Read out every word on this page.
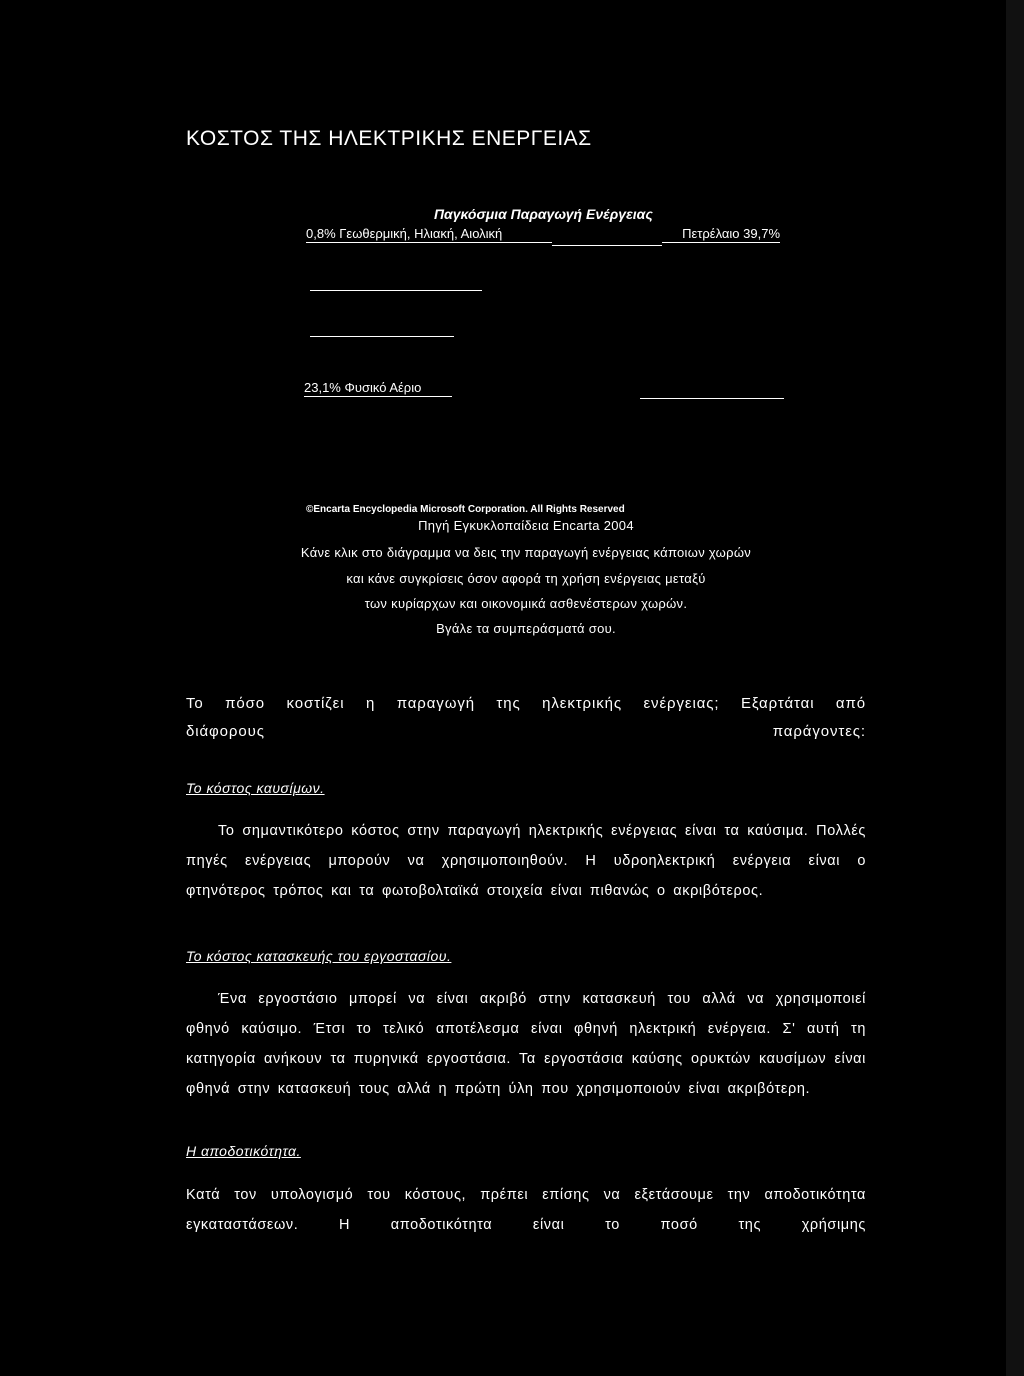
ΚΟΣΤΟΣ ΤΗΣ ΗΛΕΚΤΡΙΚΗΣ ΕΝΕΡΓΕΙΑΣ
Παγκόσμια Παραγωγή Ενέργειας
0,8% Γεωθερμική, Ηλιακή, Αιολική	Πετρέλαιο 39,7%
23,1% Φυσικό Αέριο
©Encarta Encyclopedia Microsoft Corporation. All Rights Reserved
Πηγή Εγκυκλοπαίδεια Encarta 2004
Κάνε κλικ στο διάγραμμα να δεις την παραγωγή ενέργειας κάποιων χωρών
και κάνε συγκρίσεις όσον αφορά τη χρήση ενέργειας μεταξύ
των κυρίαρχων και οικονομικά ασθενέστερων χωρών.
Βγάλε τα συμπεράσματά σου.
Το πόσο κοστίζει η παραγωγή της ηλεκτρικής ενέργειας; Εξαρτάται από διάφορους παράγοντες:
Το κόστος καυσίμων.
Το σημαντικότερο κόστος στην παραγωγή ηλεκτρικής ενέργειας είναι τα καύσιμα. Πολλές πηγές ενέργειας μπορούν να χρησιμοποιηθούν. Η υδροηλεκτρική ενέργεια είναι ο φτηνότερος τρόπος και τα φωτοβολταϊκά στοιχεία είναι πιθανώς ο ακριβότερος.
Το κόστος κατασκευής του εργοστασίου.
Ένα εργοστάσιο μπορεί να είναι ακριβό στην κατασκευή του αλλά να χρησιμοποιεί φθηνό καύσιμο. Έτσι το τελικό αποτέλεσμα είναι φθηνή ηλεκτρική ενέργεια. Σ' αυτή τη κατηγορία ανήκουν τα πυρηνικά εργοστάσια. Τα εργοστάσια καύσης ορυκτών καυσίμων είναι φθηνά στην κατασκευή τους αλλά η πρώτη ύλη που χρησιμοποιούν είναι ακριβότερη.
Η αποδοτικότητα.
Κατά τον υπολογισμό του κόστους, πρέπει επίσης να εξετάσουμε την αποδοτικότητα εγκαταστάσεων. Η αποδοτικότητα είναι το ποσό της χρήσιμης
